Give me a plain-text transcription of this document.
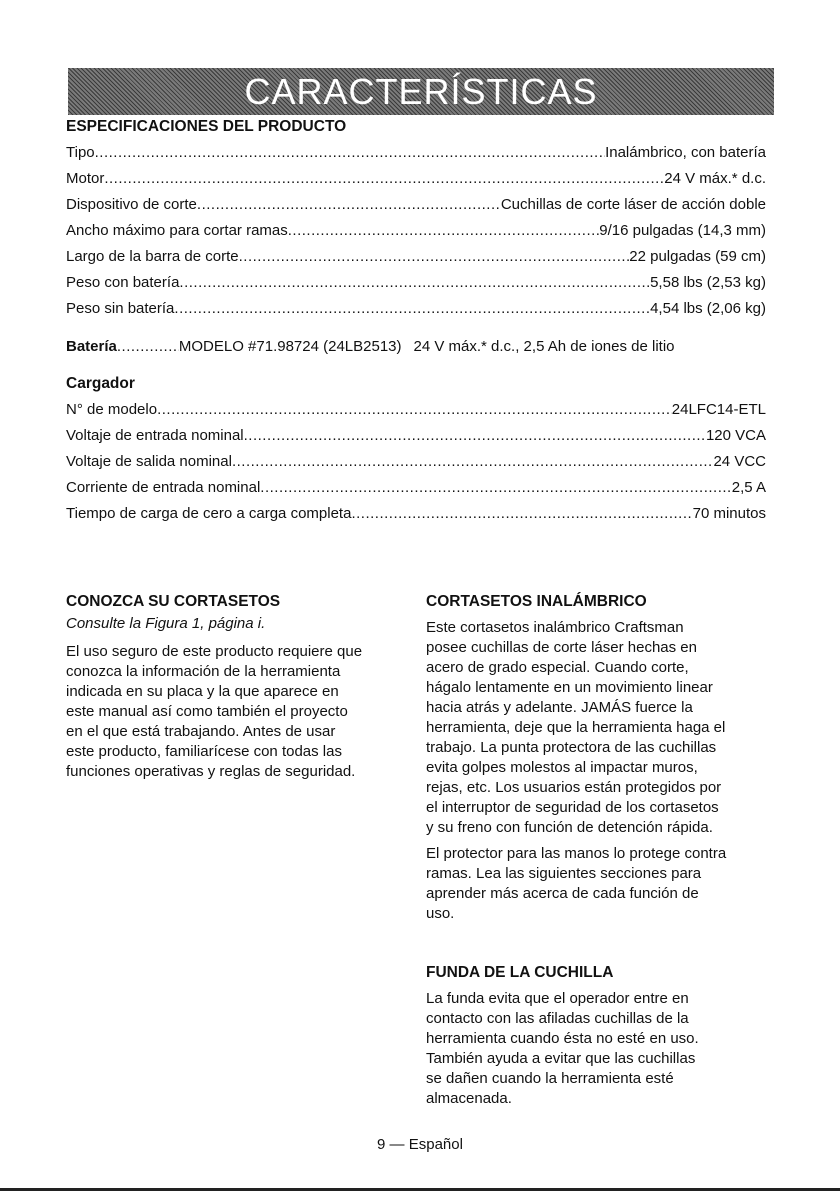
CARACTERÍSTICAS
ESPECIFICACIONES DEL PRODUCTO
Tipo .....	Inalámbrico, con batería
Motor .....	24 V máx.* d.c.
Dispositivo de corte .....	Cuchillas de corte láser de acción doble
Ancho máximo para cortar ramas .....	9/16 pulgadas (14,3 mm)
Largo de la barra de corte .....	22 pulgadas (59 cm)
Peso con batería .....	5,58 lbs (2,53 kg)
Peso sin batería .....	4,54 lbs (2,06 kg)
Batería .....	MODELO #71.98724 (24LB2513) 24 V máx.* d.c., 2,5 Ah de iones de litio
Cargador
N° de modelo .....	24LFC14-ETL
Voltaje de entrada nominal .....	120 VCA
Voltaje de salida nominal .....	24 VCC
Corriente de entrada nominal .....	2,5 A
Tiempo de carga de cero a carga completa .....	70 minutos
CONOZCA SU CORTASETOS
Consulte la Figura 1, página i.
El uso seguro de este producto requiere que
conozca la información de la herramienta
indicada en su placa y la que aparece en
este manual así como también el proyecto
en el que está trabajando. Antes de usar
este producto, familiarícese con todas las
funciones operativas y reglas de seguridad.
CORTASETOS INALÁMBRICO

Este cortasetos inalámbrico Craftsman
posee cuchillas de corte láser hechas en
acero de grado especial. Cuando corte,
hágalo lentamente en un movimiento linear
hacia atrás y adelante. JAMÁS fuerce la
herramienta, deje que la herramienta haga el
trabajo. La punta protectora de las cuchillas
evita golpes molestos al impactar muros,
rejas, etc. Los usuarios están protegidos por
el interruptor de seguridad de los cortasetos
y su freno con función de detención rápida.

El protector para las manos lo protege contra
ramas. Lea las siguientes secciones para
aprender más acerca de cada función de
uso.

FUNDA DE LA CUCHILLA

La funda evita que el operador entre en
contacto con las afiladas cuchillas de la
herramienta cuando ésta no esté en uso.
También ayuda a evitar que las cuchillas
se dañen cuando la herramienta esté
almacenada.

9 — Español
